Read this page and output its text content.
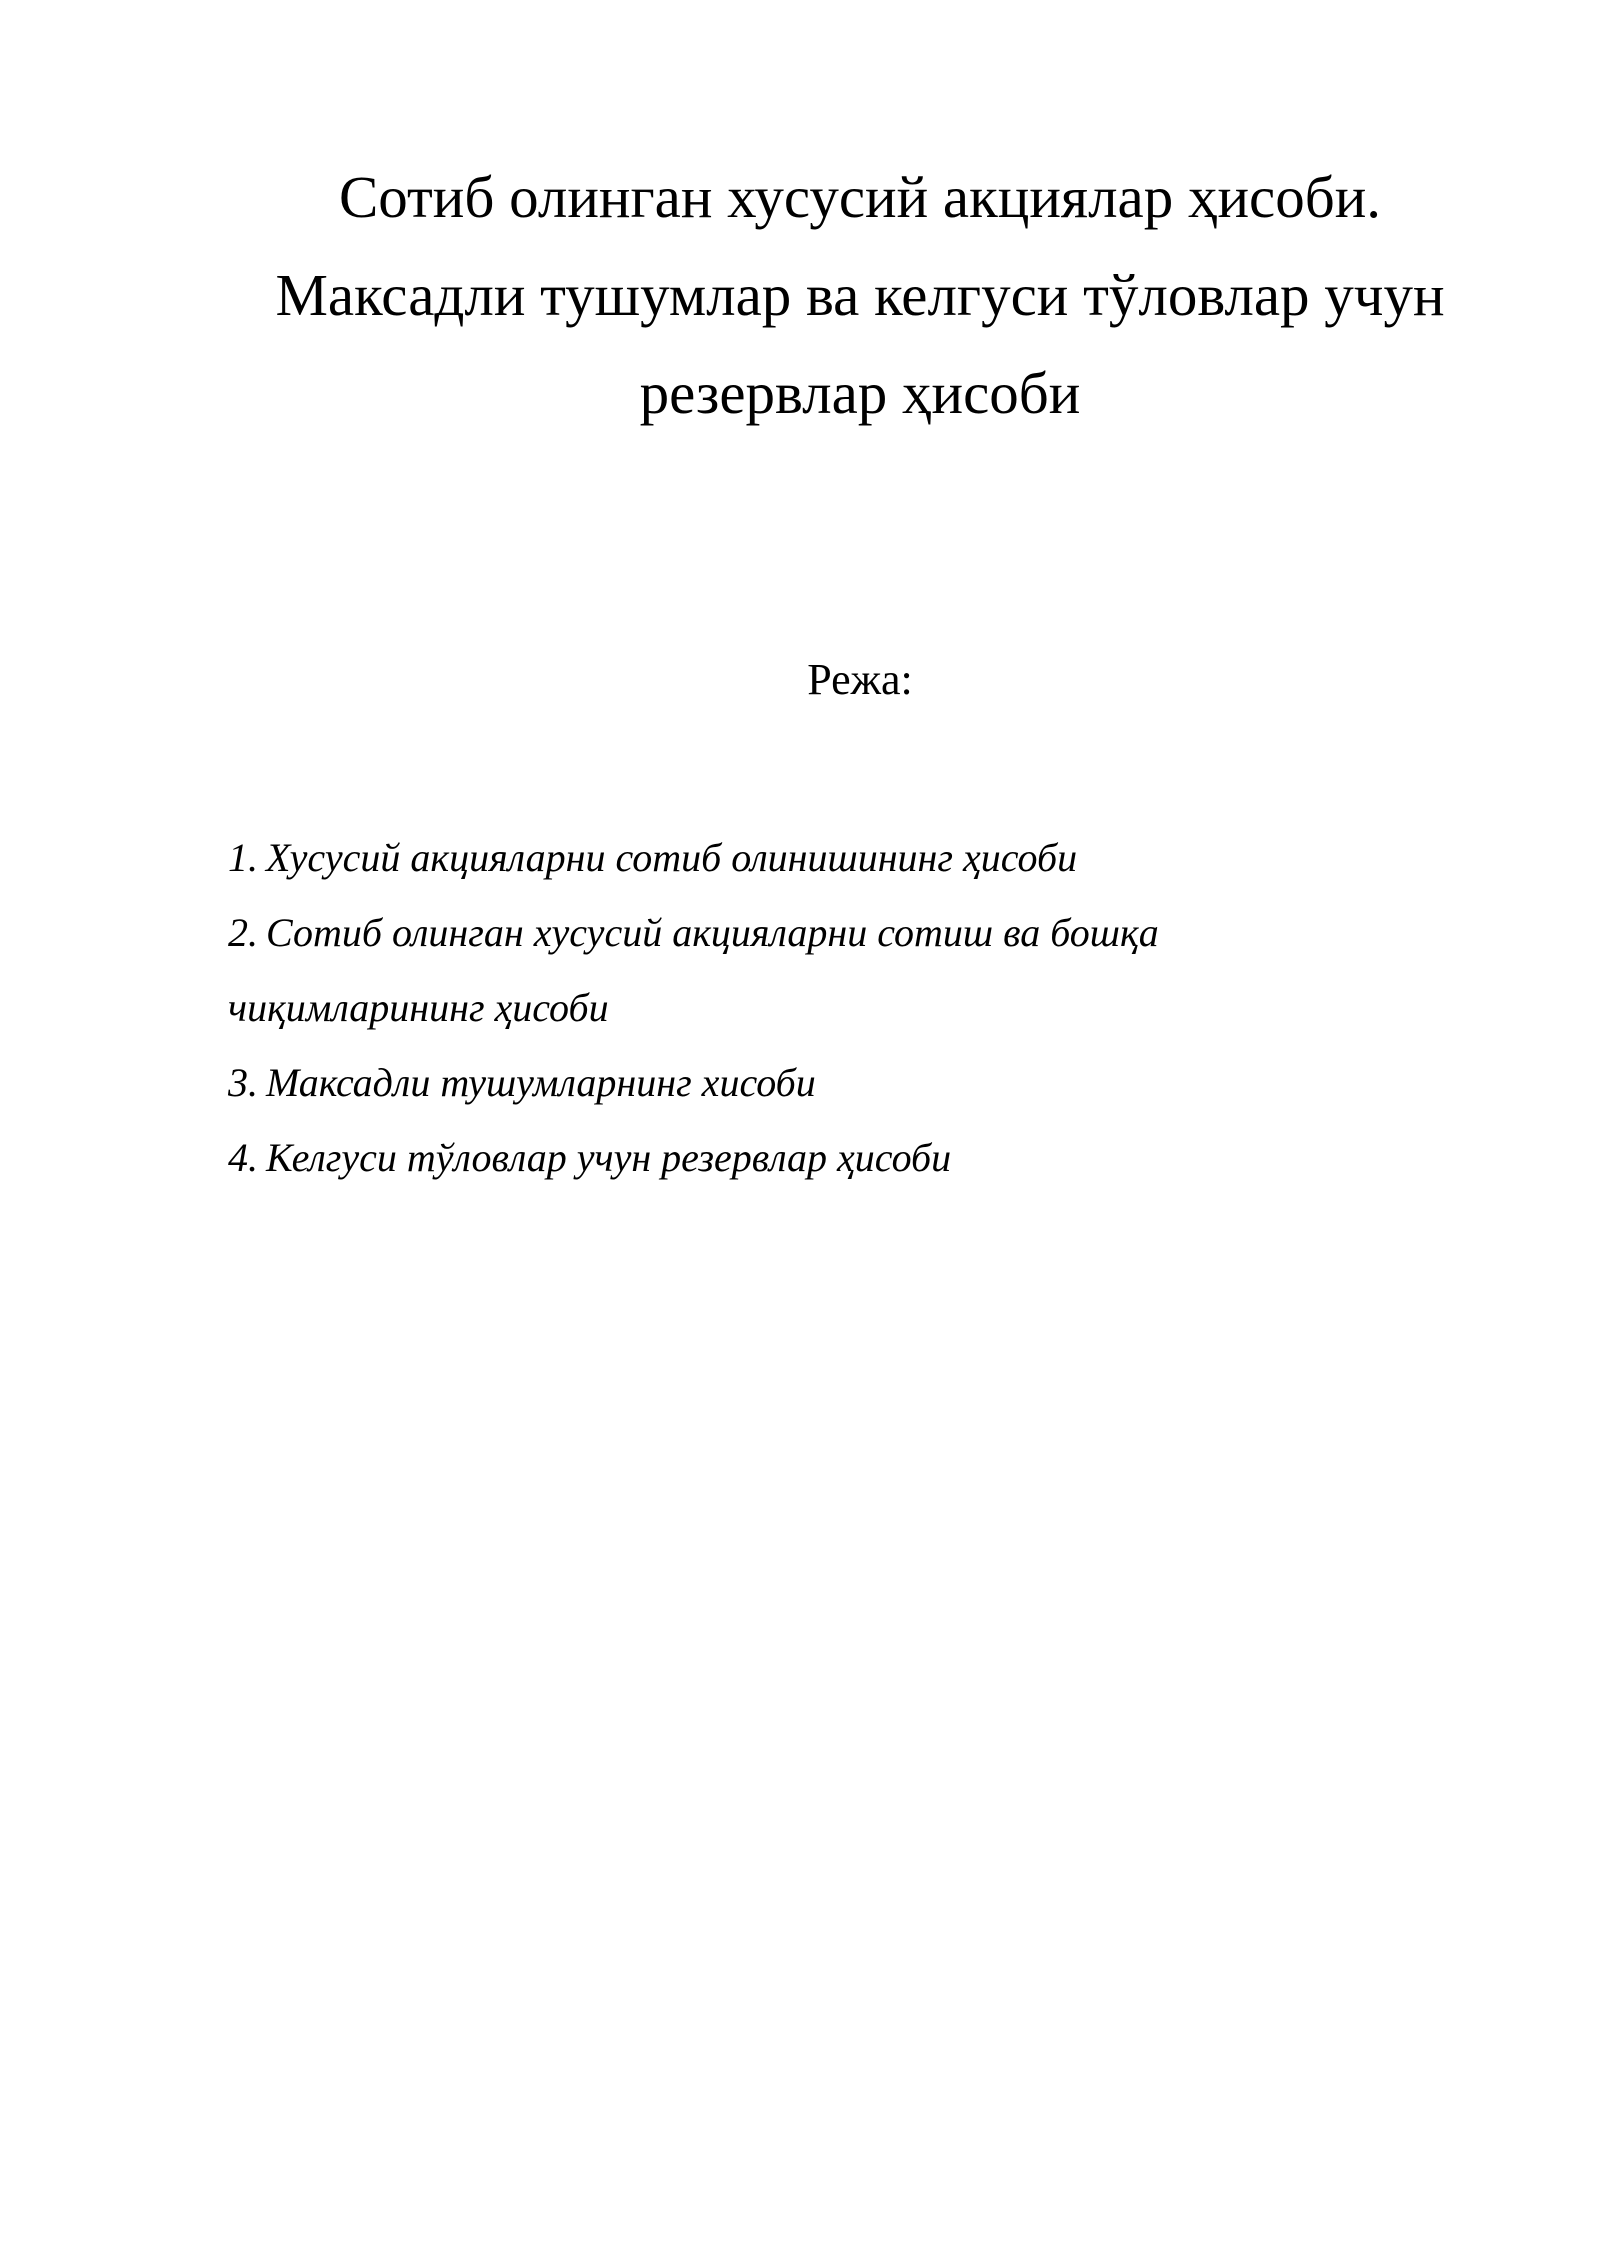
Сотиб олинган хусусий акциялар ҳисоби.
Максадли тушумлар ва келгуси тўловлар учун
резервлар ҳисоби
Режа:
1. Хусусий акцияларни сотиб олинишининг ҳисоби
2. Сотиб олинган хусусий акцияларни сотиш ва бошқа
чиқимларининг ҳисоби
3. Максадли тушумларнинг хисоби
4. Келгуси тўловлар учун резервлар ҳисоби
